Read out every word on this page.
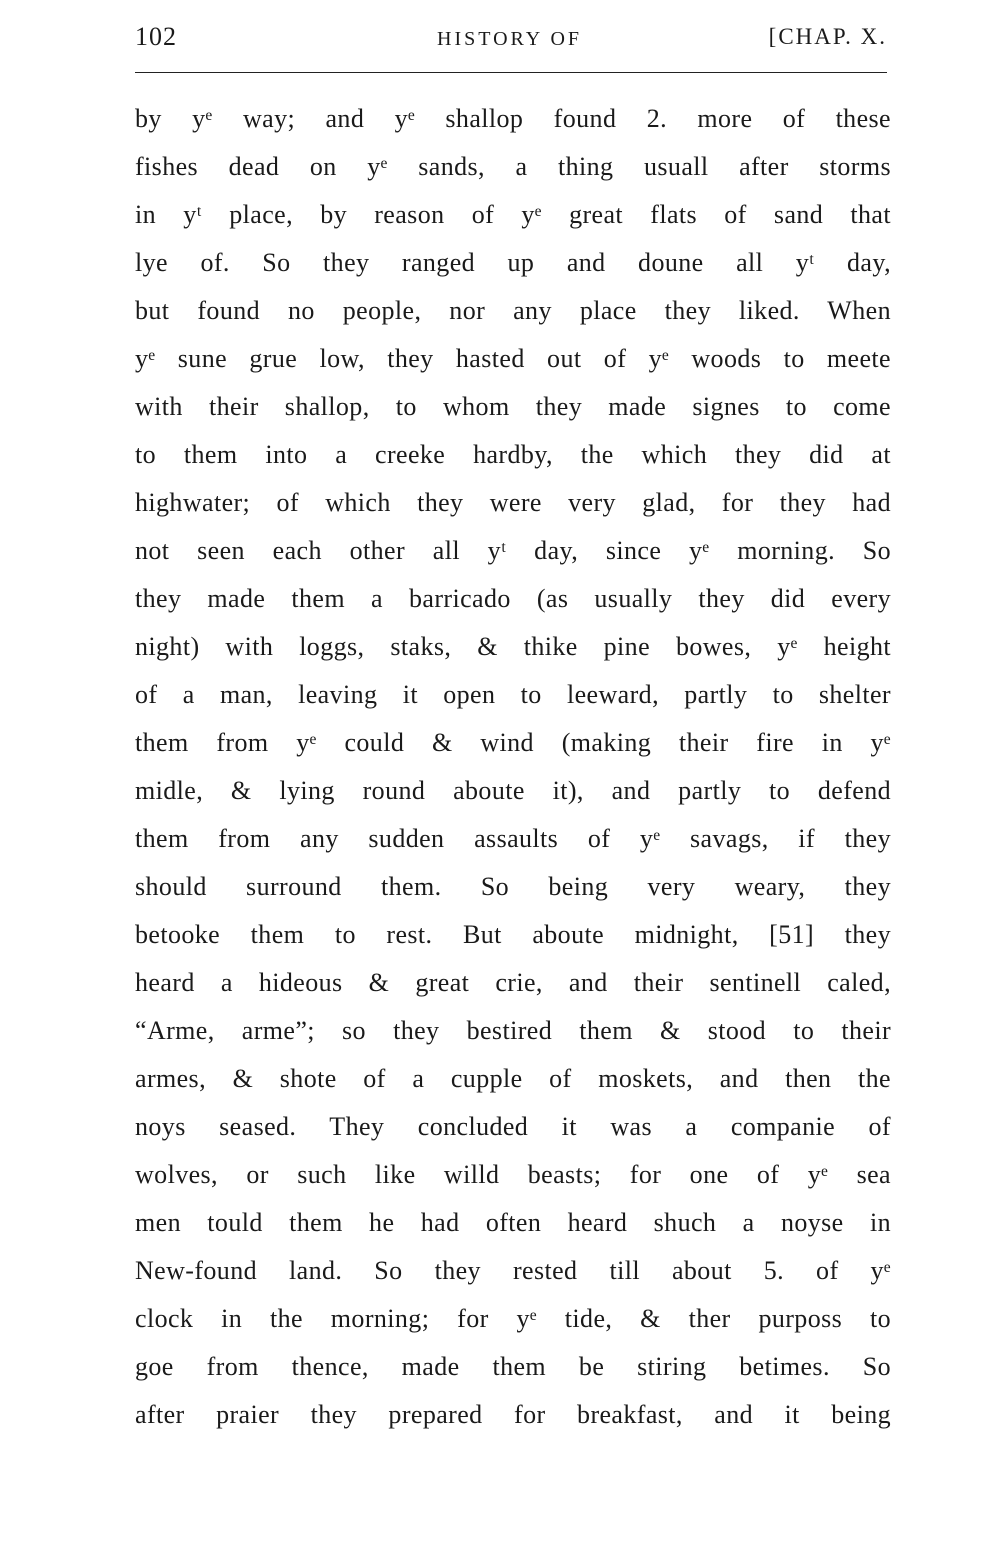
102	HISTORY OF	[CHAP. X.
by yᵉ way; and yᵉ shallop found 2. more of these
fishes dead on yᵉ sands, a thing usuall after storms
in yᵗ place, by reason of yᵉ great flats of sand that
lye of. So they ranged up and doune all yᵗ day,
but found no people, nor any place they liked. When
yᵉ sune grue low, they hasted out of yᵉ woods to meete
with their shallop, to whom they made signes to come
to them into a creeke hardby, the which they did at
highwater; of which they were very glad, for they had
not seen each other all yᵗ day, since yᵉ morning. So
they made them a barricado (as usually they did every
night) with loggs, staks, & thike pine bowes, yᵉ height
of a man, leaving it open to leeward, partly to shelter
them from yᵉ could & wind (making their fire in yᵉ
midle, & lying round aboute it), and partly to defend
them from any sudden assaults of yᵉ savags, if they
should surround them. So being very weary, they
betooke them to rest. But aboute midnight, [51] they
heard a hideous & great crie, and their sentinell caled,
“Arme, arme”; so they bestired them & stood to their
armes, & shote of a cupple of moskets, and then the
noys seased. They concluded it was a companie of
wolves, or such like willd beasts; for one of yᵉ sea
men tould them he had often heard shuch a noyse in
New-found land. So they rested till about 5. of yᵉ
clock in the morning; for yᵉ tide, & ther purposs to
goe from thence, made them be stiring betimes. So
after praier they prepared for breakfast, and it being
